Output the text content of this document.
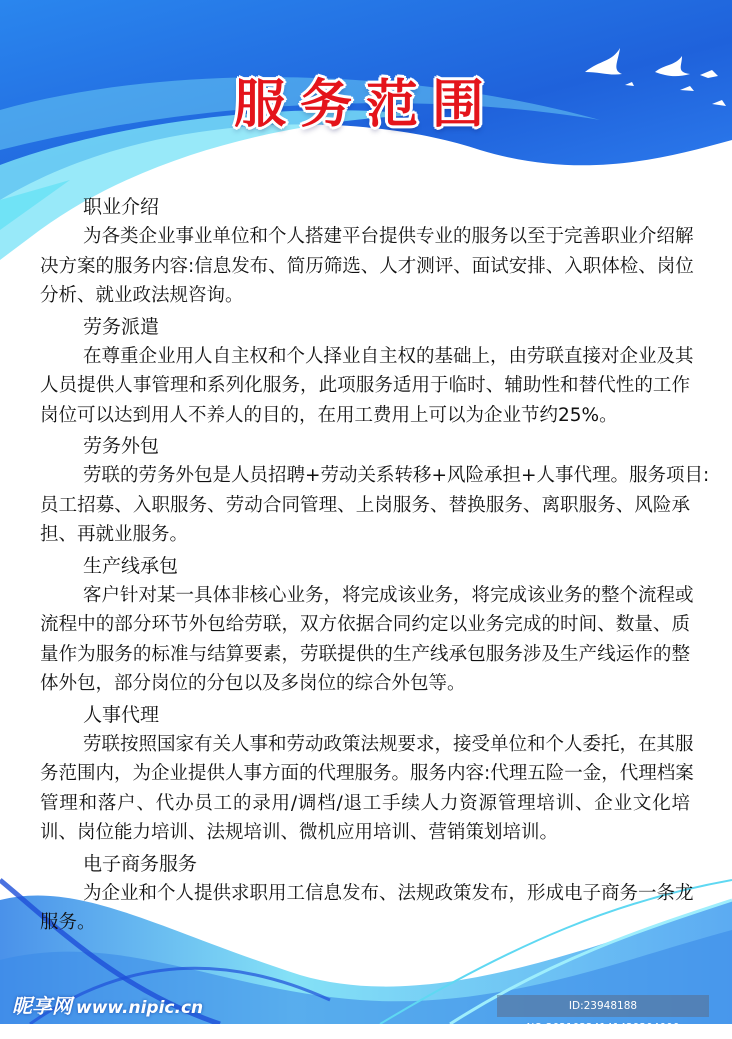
服务范围
职业介绍
为各类企业事业单位和个人搭建平台提供专业的服务以至于完善职业介绍解
决方案的服务内容:信息发布、简历筛选、人才测评、面试安排、入职体检、岗位
分析、就业政法规咨询。
劳务派遣
在尊重企业用人自主权和个人择业自主权的基础上，由劳联直接对企业及其
人员提供人事管理和系列化服务，此项服务适用于临时、辅助性和替代性的工作
岗位可以达到用人不养人的目的，在用工费用上可以为企业节约25%。
劳务外包
劳联的劳务外包是人员招聘+劳动关系转移+风险承担+人事代理。服务项目:
员工招募、入职服务、劳动合同管理、上岗服务、替换服务、离职服务、风险承
担、再就业服务。
生产线承包
客户针对某一具体非核心业务，将完成该业务，将完成该业务的整个流程或
流程中的部分环节外包给劳联，双方依据合同约定以业务完成的时间、数量、质
量作为服务的标准与结算要素，劳联提供的生产线承包服务涉及生产线运作的整
体外包，部分岗位的分包以及多岗位的综合外包等。
人事代理
劳联按照国家有关人事和劳动政策法规要求，接受单位和个人委托，在其服
务范围内，为企业提供人事方面的代理服务。服务内容:代理五险一金，代理档案
管理和落户、代办员工的录用/调档/退工手续人力资源管理培训、企业文化培
训、岗位能力培训、法规培训、微机应用培训、营销策划培训。
电子商务服务
为企业和个人提供求职用工信息发布、法规政策发布，形成电子商务一条龙
服务。
昵享网 www.nipic.cn	ID:23948188 NO:20210224141429204000
